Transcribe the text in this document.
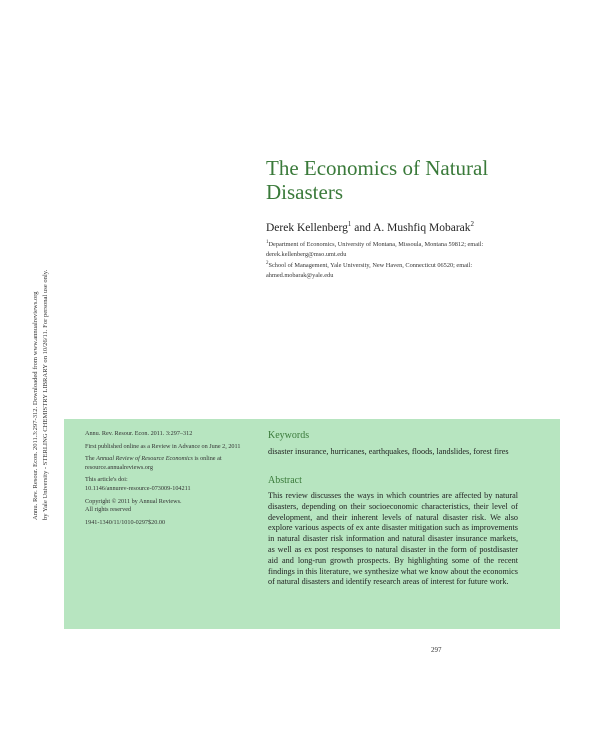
Annu. Rev. Resour. Econ. 2011.3:297-312. Downloaded from www.annualreviews.org by Yale University - STERLING CHEMISTRY LIBRARY on 10/26/11. For personal use only.
The Economics of Natural Disasters
Derek Kellenberg$^1$ and A. Mushfiq Mobarak$^2$
$^1$Department of Economics, University of Montana, Missoula, Montana 59812; email: derek.kellenberg@mso.umt.edu
$^2$School of Management, Yale University, New Haven, Connecticut 06520; email: ahmed.mobarak@yale.edu

Annu. Rev. Resour. Econ. 2011. 3:297–312

First published online as a Review in Advance on June 2, 2011

The Annual Review of Resource Economics is online at resource.annualreviews.org

This article's doi:
10.1146/annurev-resource-073009-104211
Copyright © 2011 by Annual Reviews.
All rights reserved

1941-1340/11/1010-0297$20.00

Keywords
disaster insurance, hurricanes, earthquakes, floods, landslides, forest fires
Abstract

This review discusses the ways in which countries are affected by natural disasters, depending on their socioeconomic characteristics, their level of development, and their inherent levels of natural disaster risk. We also explore various aspects of ex ante disaster mitigation such as improvements in natural disaster risk information and natural disaster insurance markets, as well as ex post responses to natural disaster in the form of postdisaster aid and long-run growth prospects. By highlighting some of the recent findings in this literature, we synthesize what we know about the economics of natural disasters and identify research areas of interest for future work.

297
